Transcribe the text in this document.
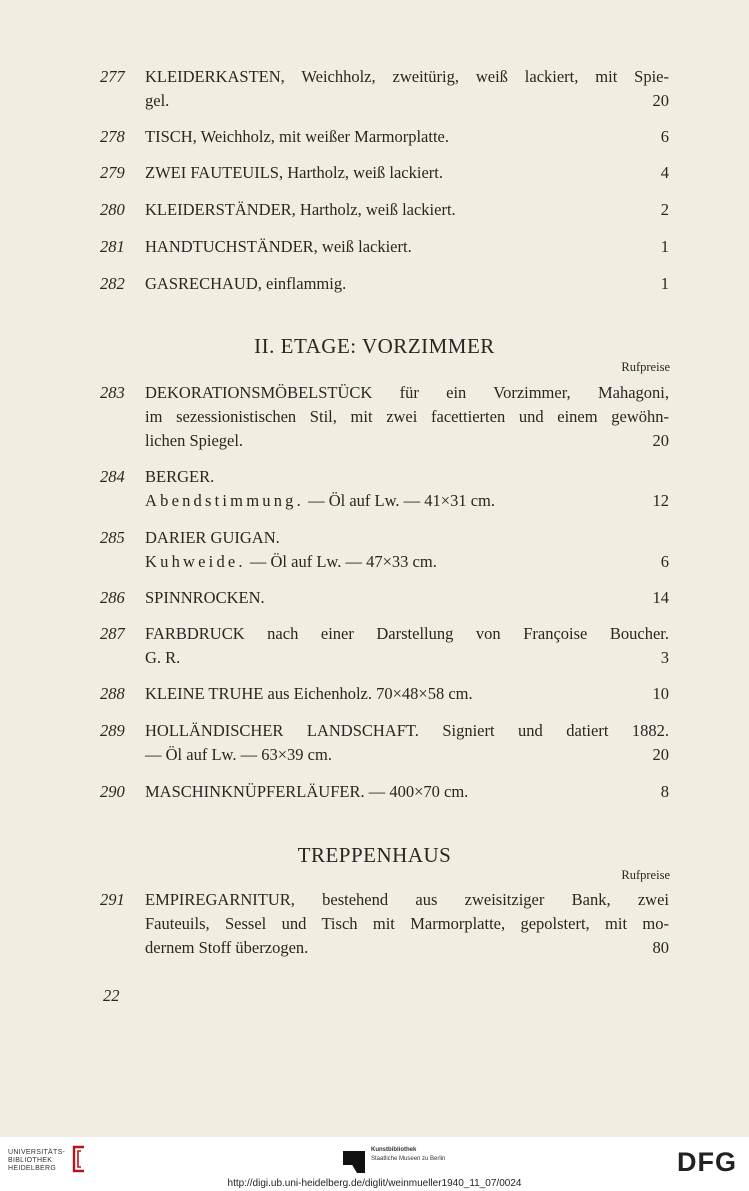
277	KLEIDERKASTEN, Weichholz, zweitürig, weiß lackiert, mit Spie-
gel.	20
278	TISCH, Weichholz, mit weißer Marmorplatte.	6
279	ZWEI FAUTEUILS, Hartholz, weiß lackiert.	4
280	KLEIDERSTÄNDER, Hartholz, weiß lackiert.	2
281	HANDTUCHSTÄNDER, weiß lackiert.	1
282	GASRECHAUD, einflammig.	1
II. ETAGE: VORZIMMER
Rufpreise
283	DEKORATIONSMÖBELSTÜCK für ein Vorzimmer, Mahagoni,
im sezessionistischen Stil, mit zwei facettierten und einem gewöhn-
lichen Spiegel.	20
284	BERGER.
Abendstimmung. — Öl auf Lw. — 41×31 cm.	12
285	DARIER GUIGAN.
Kuhweide. — Öl auf Lw. — 47×33 cm.	6
286	SPINNROCKEN.	14
287	FARBDRUCK nach einer Darstellung von Françoise Boucher.
G. R.	3
288	KLEINE TRUHE aus Eichenholz. 70×48×58 cm.	10
289	HOLLÄNDISCHER LANDSCHAFT. Signiert und datiert 1882.
— Öl auf Lw. — 63×39 cm.	20
290	MASCHINKNÜPFERLÄUFER. — 400×70 cm.	8
TREPPENHAUS
Rufpreise
291	EMPIREGARNITUR, bestehend aus zweisitziger Bank, zwei
Fauteuils, Sessel und Tisch mit Marmorplatte, gepolstert, mit mo-
dernem Stoff überzogen.	80
22
UNIVERSITÄTS-
BIBLIOTHEK
HEIDELBERG
Kunstbibliothek
Staatliche Museen zu Berlin	DFG
http://digi.ub.uni-heidelberg.de/diglit/weinmueller1940_11_07/0024
